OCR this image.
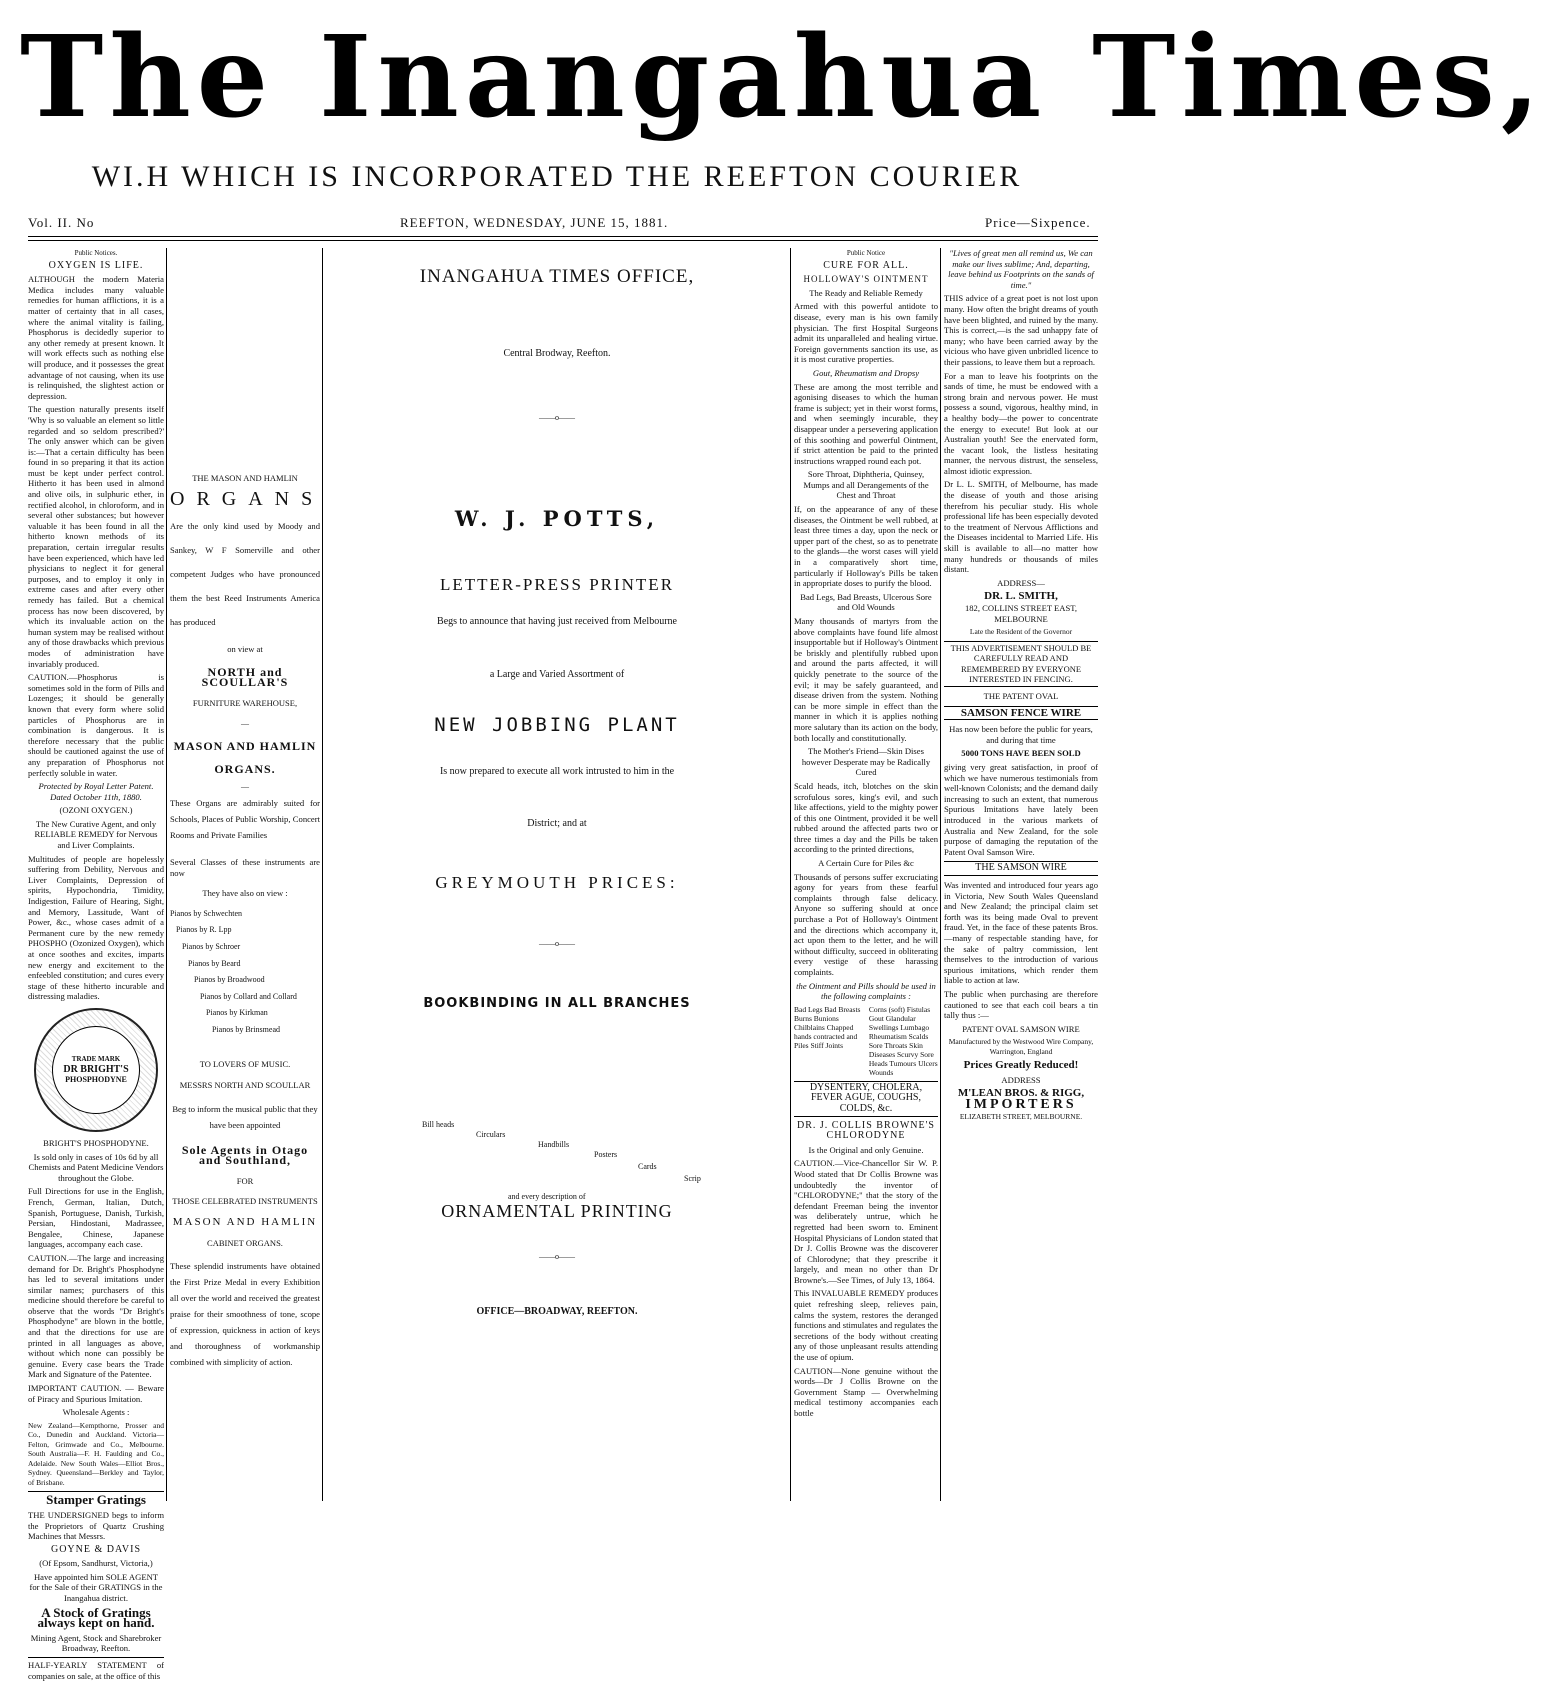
The Inangahua Times,
WI.H WHICH IS INCORPORATED THE REEFTON COURIER
Vol. II. No	REEFTON, WEDNESDAY, JUNE 15, 1881.	Price—Sixpence.
Public Notices.
OXYGEN IS LIFE.

ALTHOUGH the modern Materia Medica includes many valuable remedies for human afflictions, it is a matter of certainty that in all cases, where the animal vitality is failing, Phosphorus is decidedly superior to any other remedy at present known. It will work effects such as nothing else will produce, and it possesses the great advantage of not causing, when its use is relinquished, the slightest action or depression.

The question naturally presents itself 'Why is so valuable an element so little regarded and so seldom prescribed?' The only answer which can be given is:—That a certain difficulty has been found in so preparing it that its action must be kept under perfect control. Hitherto it has been used in almond and olive oils, in sulphuric ether, in rectified alcohol, in chloroform, and in several other substances; but however valuable it has been found in all the hitherto known methods of its preparation, certain irregular results have been experienced, which have led physicians to neglect it for general purposes, and to employ it only in extreme cases and after every other remedy has failed. But a chemical process has now been discovered, by which its invaluable action on the human system may be realised without any of those drawbacks which previous modes of administration have invariably produced.

CAUTION.—Phosphorus is sometimes sold in the form of Pills and Lozenges; it should be generally known that every form where solid particles of Phosphorus are in combination is dangerous. It is therefore necessary that the public should be cautioned against the use of any preparation of Phosphorus not perfectly soluble in water.

Protected by Royal Letter Patent. Dated October 11th, 1880.

(OZONI OXYGEN.)

The New Curative Agent, and only RELIABLE REMEDY for Nervous and Liver Complaints.

Multitudes of people are hopelessly suffering from Debility, Nervous and Liver Complaints, Depression of spirits, Hypochondria, Timidity, Indigestion, Failure of Hearing, Sight, and Memory, Lassitude, Want of Power, &c., whose cases admit of a Permanent cure by the new remedy PHOSPHO (Ozonized Oxygen), which at once soothes and excites, imparts new energy and excitement to the enfeebled constitution; and cures every stage of these hitherto incurable and distressing maladies.

TRADE MARK
DR BRIGHT'S
PHOSPHODYNE

BRIGHT'S PHOSPHODYNE.

Is sold only in cases of 10s 6d by all Chemists and Patent Medicine Vendors throughout the Globe.

Full Directions for use in the English, French, German, Italian, Dutch, Spanish, Portuguese, Danish, Turkish, Persian, Hindostani, Madrassee, Bengalee, Chinese, Japanese languages, accompany each case.

CAUTION.—The large and increasing demand for Dr. Bright's Phosphodyne has led to several imitations under similar names; purchasers of this medicine should therefore be careful to observe that the words "Dr Bright's Phosphodyne" are blown in the bottle, and that the directions for use are printed in all languages as above, without which none can possibly be genuine. Every case bears the Trade Mark and Signature of the Patentee.

IMPORTANT CAUTION. — Beware of Piracy and Spurious Imitation.

Wholesale Agents :

New Zealand—Kempthorne, Prosser and Co., Dunedin and Auckland. Victoria—Felton, Grimwade and Co., Melbourne. South Australia—F. H. Faulding and Co., Adelaide. New South Wales—Elliot Bros., Sydney. Queensland—Berkley and Taylor, of Brisbane.

Stamper Gratings

THE UNDERSIGNED begs to inform the Proprietors of Quartz Crushing Machines that Messrs.

GOYNE & DAVIS

(Of Epsom, Sandhurst, Victoria,)

Have appointed him SOLE AGENT for the Sale of their GRATINGS in the Inangahua district.

A Stock of Gratings always kept on hand.

Mining Agent, Stock and Sharebroker Broadway, Reefton.

HALF-YEARLY STATEMENT of companies on sale, at the office of this

THE MASON AND HAMLIN
ORGANS

Are the only kind used by Moody and Sankey, W F Somerville and other competent Judges who have pronounced them the best Reed Instruments America has produced

on view at
NORTH and SCOULLAR'S
FURNITURE WAREHOUSE,
—
MASON AND HAMLIN
ORGANS.
—

These Organs are admirably suited for Schools, Places of Public Worship, Concert Rooms and Private Families

Several Classes of these instruments are now

They have also on view :
Pianos by Schwechten
Pianos by R. Lpp
Pianos by Schroer
Pianos by Beard
Pianos by Broadwood
Pianos by Collard and Collard
Pianos by Kirkman
Pianos by Brinsmead
TO LOVERS OF MUSIC.
MESSRS NORTH AND SCOULLAR

Beg to inform the musical public that they have been appointed

Sole Agents in Otago and Southland,
FOR
THOSE CELEBRATED INSTRUMENTS
MASON AND HAMLIN
CABINET ORGANS.

These splendid instruments have obtained the First Prize Medal in every Exhibition all over the world and received the greatest praise for their smoothness of tone, scope of expression, quickness in action of keys and thoroughness of workmanship combined with simplicity of action.

INANGAHUA TIMES OFFICE,
Central Brodway, Reefton.
——o——
W. J. POTTS,
LETTER-PRESS PRINTER
Begs to announce that having just received from Melbourne
a Large and Varied Assortment of
NEW JOBBING PLANT
Is now prepared to execute all work intrusted to him in the
District; and at
GREYMOUTH PRICES:
——o——
BOOKBINDING IN ALL BRANCHES
Bill heads
Circulars
Handbills
Posters
Cards
Scrip
and every description of
ORNAMENTAL PRINTING
——o——
OFFICE—BROADWAY, REEFTON.
Public Notice
CURE FOR ALL.
HOLLOWAY'S OINTMENT

The Ready and Reliable Remedy

Armed with this powerful antidote to disease, every man is his own family physician. The first Hospital Surgeons admit its unparalleled and healing virtue. Foreign governments sanction its use, as it is most curative properties.

Gout, Rheumatism and Dropsy

These are among the most terrible and agonising diseases to which the human frame is subject; yet in their worst forms, and when seemingly incurable, they disappear under a persevering application of this soothing and powerful Ointment, if strict attention be paid to the printed instructions wrapped round each pot.

Sore Throat, Diphtheria, Quinsey, Mumps and all Derangements of the Chest and Throat

If, on the appearance of any of these diseases, the Ointment be well rubbed, at least three times a day, upon the neck or upper part of the chest, so as to penetrate to the glands—the worst cases will yield in a comparatively short time, particularly if Holloway's Pills be taken in appropriate doses to purify the blood.

Bad Legs, Bad Breasts, Ulcerous Sore and Old Wounds

Many thousands of martyrs from the above complaints have found life almost insupportable but if Holloway's Ointment be briskly and plentifully rubbed upon and around the parts affected, it will quickly penetrate to the source of the evil; it may be safely guaranteed, and disease driven from the system. Nothing can be more simple in effect than the manner in which it is applies nothing more salutary than its action on the body, both locally and constitutionally.

The Mother's Friend—Skin Dises however Desperate may be Radically Cured

Scald heads, itch, blotches on the skin scrofulous sores, king's evil, and such like affections, yield to the mighty power of this one Ointment, provided it be well rubbed around the affected parts two or three times a day and the Pills be taken according to the printed directions,

A Certain Cure for Piles &c

Thousands of persons suffer excruciating agony for years from these fearful complaints through false delicacy. Anyone so suffering should at once purchase a Pot of Holloway's Ointment and the directions which accompany it, act upon them to the letter, and he will without difficulty, succeed in obliterating every vestige of these harassing complaints.

the Ointment and Pills should be used in the following complaints :

Bad Legs Bad Breasts Burns Bunions Chilblains Chapped hands contracted and Piles Stiff Joints
Corns (soft) Fistulas Gout Glandular Swellings Lumbago Rheumatism Scalds Sore Throats Skin Diseases Scurvy Sore Heads Tumours Ulcers Wounds
DYSENTERY, CHOLERA, FEVER AGUE, COUGHS, COLDS, &c.
DR. J. COLLIS BROWNE'S CHLORODYNE

Is the Original and only Genuine.

CAUTION.—Vice-Chancellor Sir W. P. Wood stated that Dr Collis Browne was undoubtedly the inventor of "CHLORODYNE;" that the story of the defendant Freeman being the inventor was deliberately untrue, which he regretted had been sworn to. Eminent Hospital Physicians of London stated that Dr J. Collis Browne was the discoverer of Chlorodyne; that they prescribe it largely, and mean no other than Dr Browne's.—See Times, of July 13, 1864.

This INVALUABLE REMEDY produces quiet refreshing sleep, relieves pain, calms the system, restores the deranged functions and stimulates and regulates the secretions of the body without creating any of those unpleasant results attending the use of opium.

CAUTION—None genuine without the words—Dr J Collis Browne on the Government Stamp — Overwhelming medical testimony accompanies each bottle

"Lives of great men all remind us, We can make our lives sublime; And, departing, leave behind us Footprints on the sands of time."

THIS advice of a great poet is not lost upon many. How often the bright dreams of youth have been blighted, and ruined by the many. This is correct,—is the sad unhappy fate of many; who have been carried away by the vicious who have given unbridled licence to their passions, to leave them but a reproach.

For a man to leave his footprints on the sands of time, he must be endowed with a strong brain and nervous power. He must possess a sound, vigorous, healthy mind, in a healthy body—the power to concentrate the energy to execute! But look at our Australian youth! See the enervated form, the vacant look, the listless hesitating manner, the nervous distrust, the senseless, almost idiotic expression.

Dr L. L. SMITH, of Melbourne, has made the disease of youth and those arising therefrom his peculiar study. His whole professional life has been especially devoted to the treatment of Nervous Afflictions and the Diseases incidental to Married Life. His skill is available to all—no matter how many hundreds or thousands of miles distant.

ADDRESS—

DR. L. SMITH,

182, COLLINS STREET EAST, MELBOURNE

Late the Resident of the Governor

THIS ADVERTISEMENT SHOULD BE CAREFULLY READ AND REMEMBERED BY EVERYONE INTERESTED IN FENCING.

THE PATENT OVAL

SAMSON FENCE WIRE

Has now been before the public for years, and during that time

5000 TONS HAVE BEEN SOLD

giving very great satisfaction, in proof of which we have numerous testimonials from well-known Colonists; and the demand daily increasing to such an extent, that numerous Spurious Imitations have lately been introduced in the various markets of Australia and New Zealand, for the sole purpose of damaging the reputation of the Patent Oval Samson Wire.

THE SAMSON WIRE

Was invented and introduced four years ago in Victoria, New South Wales Queensland and New Zealand; the principal claim set forth was its being made Oval to prevent fraud. Yet, in the face of these patents Bros.—many of respectable standing have, for the sake of paltry commission, lent themselves to the introduction of various spurious imitations, which render them liable to action at law.

The public when purchasing are therefore cautioned to see that each coil bears a tin tally thus :—

PATENT OVAL SAMSON WIRE

Manufactured by the Westwood Wire Company, Warrington, England

Prices Greatly Reduced!

ADDRESS

M'LEAN BROS. & RIGG,
IMPORTERS

ELIZABETH STREET, MELBOURNE.
